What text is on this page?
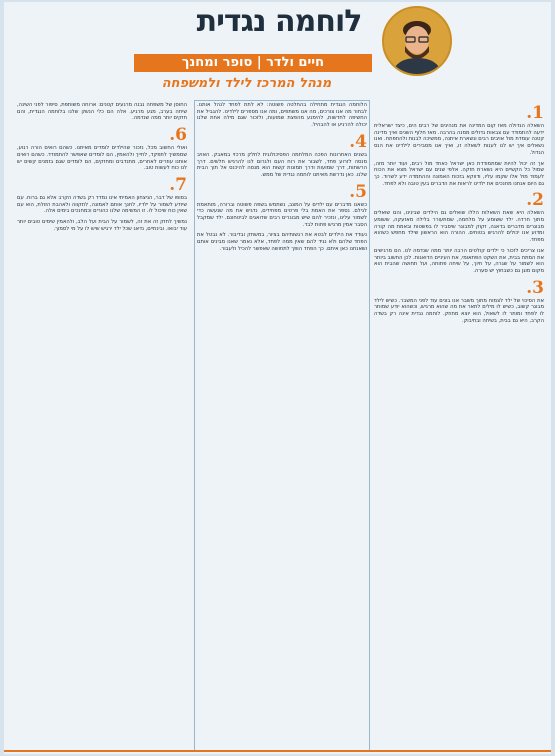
לוחמה נגדית
חיים ולדר | סופר ומחנך
מנהל המרכז לילד ולמשפחה
1.

השאלה הגדולה מאז קום המדינה את מנהיגים של רבים הים, כיצד ישראלית ידעה להתמודד עם צבאות גדולים ממנה בהרבה. מאז חלוף השנים ואיך מדינה קטנה עומדת מול אויבים רבים ונשארת איתנה, ממשיכה לבנות ולהתפתח. ואנו נשאלים איך יש לנו לענות לשאלה זו, ואיך אנו מסבירים לילדינו את הנס הגדול.

אך זה יכול להיות שמתמודדת כאן ישראל כאחד מול רבים, ועוד יותר מזה, שמול כל הקשיים היא נשארת חזקה. אלפי שנים עם ישראל מצא את הכוח לעמוד מול אלו שקמו עליו, ודווקא בזכות האמונה וההתמדה ידע לשרוד. כך גם היום אנחנו מחנכים את ילדינו לראות את הדברים בעין טובה ולא לפחד.

2.

השאלה היא שאת השאלות הללו שואלים גם הילדים שבינינו, והם שואלים מתוך חרדה. ילד ששומע על מלחמה, שמתעורר בלילה מאזעקה, ששומע מבוגרים מדברים בדאגה, זקוק למבוגר שיסביר לו בפשטות ובאמת מה קורה ומדוע אנו יכולים להרגיש בטוחים. ההורה הוא הראשון שילד מחפש כשהוא מפחד.

אנו צריכים לזכור כי ילדים קולטים הרבה יותר ממה שנדמה לנו. הם מרגישים את המתח בבית, את השקט הפתאומי, את העיניים הדואגות. לכן החשוב ביותר הוא לשמור על שגרה, על חיוך, על שיחה פתוחה, ועל תחושה שהבית הוא מקום מוגן גם כשבחוץ יש סערה.

3.

את הסיכוי של ילד לצמוח מתוך משבר אנו בונים עוד לפני המשבר. כשיש לילד מבוגר קשוב, כשיש לו מילים לתאר את מה שהוא מרגיש, וכשהוא יודע שמותר לו לפחד ומותר לו לשאול, הוא יוצא מחוזק. לוחמה נגדית אינה רק בשדה הקרב, היא גם בבית, בשיחה ובחיבוק.

הלוחמה הנגדית מתחילה בהחלטה פשוטה: לא לתת לפחד לנהל אותנו. לבחור מה אנו צורכים, מה אנו משתפים, ומה אנו מספרים לילדינו. להגביל את החשיפה לחדשות, להימנע מהפצת שמועות, ולזכור שגם מילה אחת שלנו יכולה להרגיע או להבהיל.

4.

בשנים האחרונות הפכה המלחמה הפסיכולוגית לחלק מרכזי במאבק. האויב מנסה לזרוע פחד, לשבור את רוח העם ולגרום לנו להרגיש חלשים. דרך הרשתות, דרך שמועות ודרך תמונות קשות הוא מנסה להיכנס אל תוך הבית שלנו. כאן נדרשת מאיתנו לוחמה נגדית של ממש.

5.

כשאנו מדברים עם ילדים על המצב, נשתמש בשפה פשוטה וברורה, מותאמת לגילם. נספר את האמת בלי פרטים מפחידים, נדגיש את מה שנעשה כדי לשמור עלינו, ונזכיר להם שיש מבוגרים רבים שדואגים לביטחונם. ילד שמקבל הסבר אמין מרגיש פחות לבד.

נעודד את הילדים לבטא את רגשותיהם בציור, במשחק ובדיבור. לא נבטל את הפחד שלהם ולא נגיד להם שאין ממה לפחד, אלא נאמר שאנו מבינים אותם ושאנחנו כאן איתם. כך הפחד הופך לתחושה שאפשר להכיל ולעבור.

החוסן של משפחה נבנה מרגעים קטנים: ארוחה משותפת, סיפור לפני השינה, שיחה בערב, מגע מרגיע. אלה הם כלי הנשק שלנו בלוחמה הנגדית, והם חזקים יותר ממה שנדמה.

6.

ואולי החשוב מכל, נזכור שהילדים לומדים מאיתנו. כשהם רואים הורה רגוע, שממשיך לתפקד, לחייך ולהאמין, הם לומדים שאפשר להתמודד. כשהם רואים אותנו עוזרים לאחרים, מתנדבים ומחזקים, הם לומדים שגם בזמנים קשים יש לנו כוח לעשות טוב.

7.

בסופו של דבר, הניצחון האמיתי אינו נמדד רק בשדה הקרב אלא גם ברוח. עם שיודע לשמור על ילדיו, לחנך אותם לאמונה, לתקווה ולאהבת הזולת, הוא עם שאין כוח שיכול לו. זו המשימה שלנו כהורים וכמחנכים בימים אלה.

נמשיך לחזק זה את זה, לשמור על הבית ועל הלב, ולהאמין שימים טובים יותר עוד יבואו. ובינתיים, נדאג שכל ילד ירגיש שיש לו על מי לסמוך.
